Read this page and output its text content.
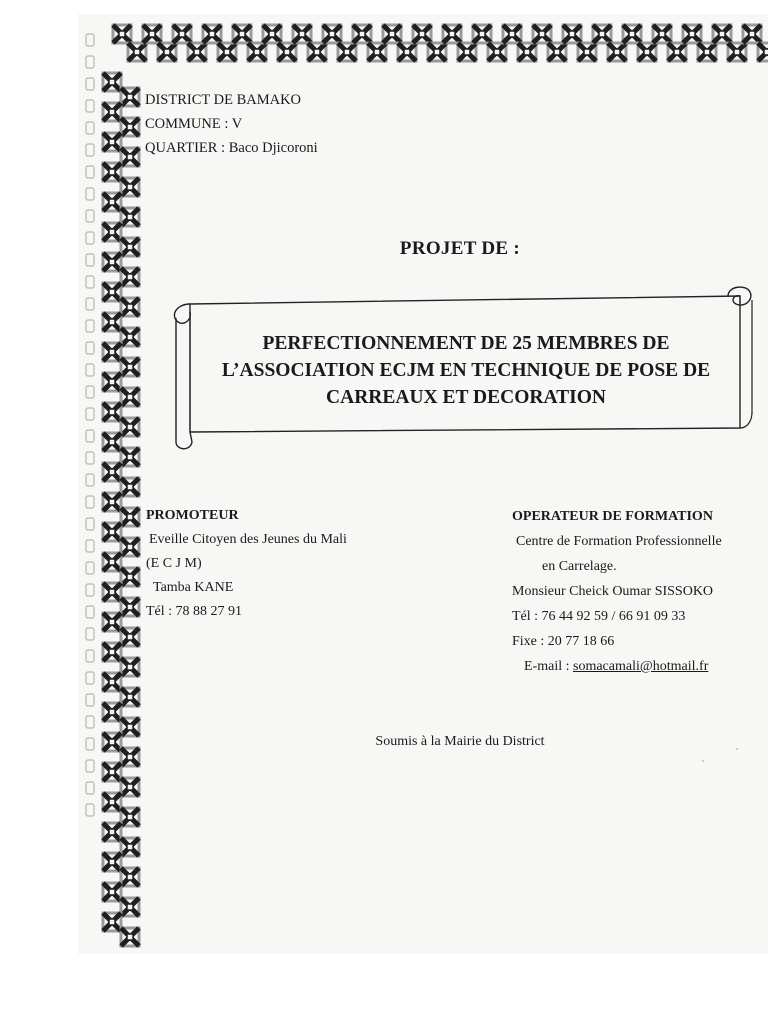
DISTRICT DE BAMAKO
COMMUNE : V
QUARTIER : Baco Djicoroni
PROJET DE :
PERFECTIONNEMENT DE 25 MEMBRES DE
L’ASSOCIATION ECJM EN TECHNIQUE DE POSE DE
CARREAUX ET DECORATION
PROMOTEUR
Eveille Citoyen des Jeunes du Mali
(E C J M)
Tamba KANE
Tél : 78 88 27 91
OPERATEUR DE FORMATION
Centre de Formation Professionnelle
en Carrelage.
Monsieur Cheick Oumar SISSOKO
Tél : 76 44 92 59 / 66 91 09 33
Fixe : 20 77 18 66
E-mail : somacamali@hotmail.fr
Soumis à la Mairie du District
